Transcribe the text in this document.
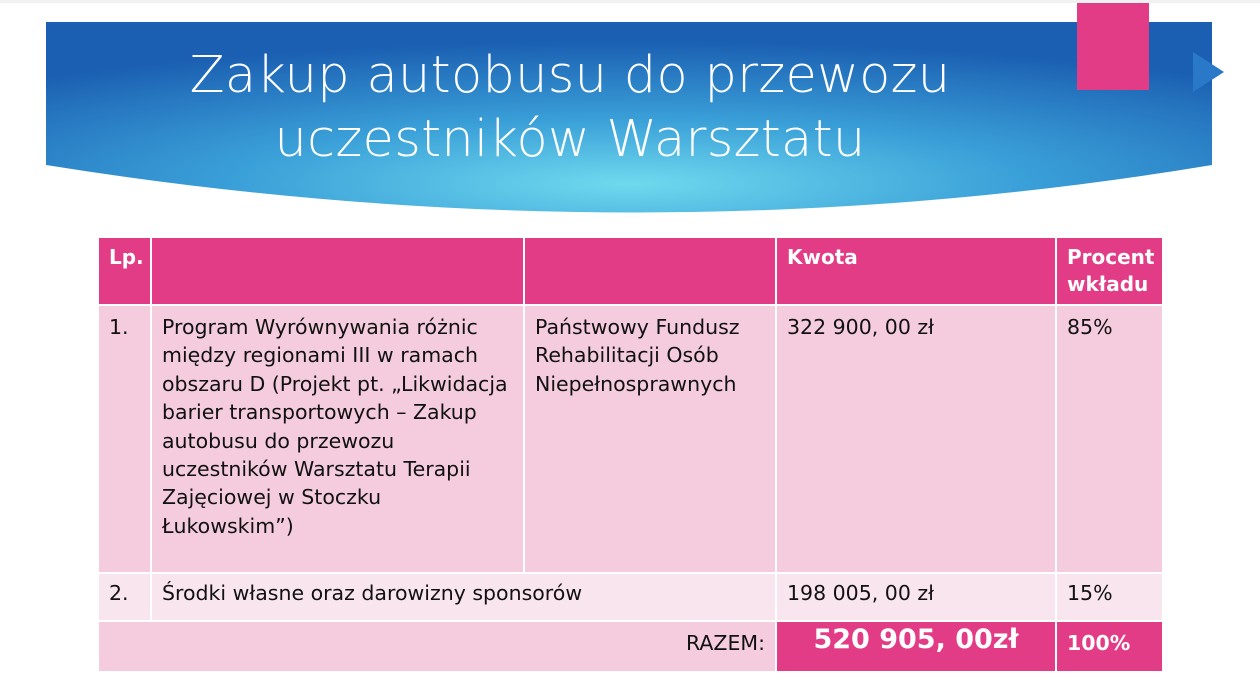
Zakup autobusu do przewozu
uczestników Warsztatu
Lp.			Kwota	Procent wkładu
1.	Program Wyrównywania różnic między regionami III w ramach obszaru D (Projekt pt. „Likwidacja barier transportowych – Zakup autobusu do przewozu uczestników Warsztatu Terapii Zajęciowej w Stoczku Łukowskim”)	Państwowy Fundusz Rehabilitacji Osób Niepełnosprawnych	322 900, 00 zł	85%
2.	Środki własne oraz darowizny sponsorów		198 005, 00 zł	15%
RAZEM:			520 905, 00zł	100%
